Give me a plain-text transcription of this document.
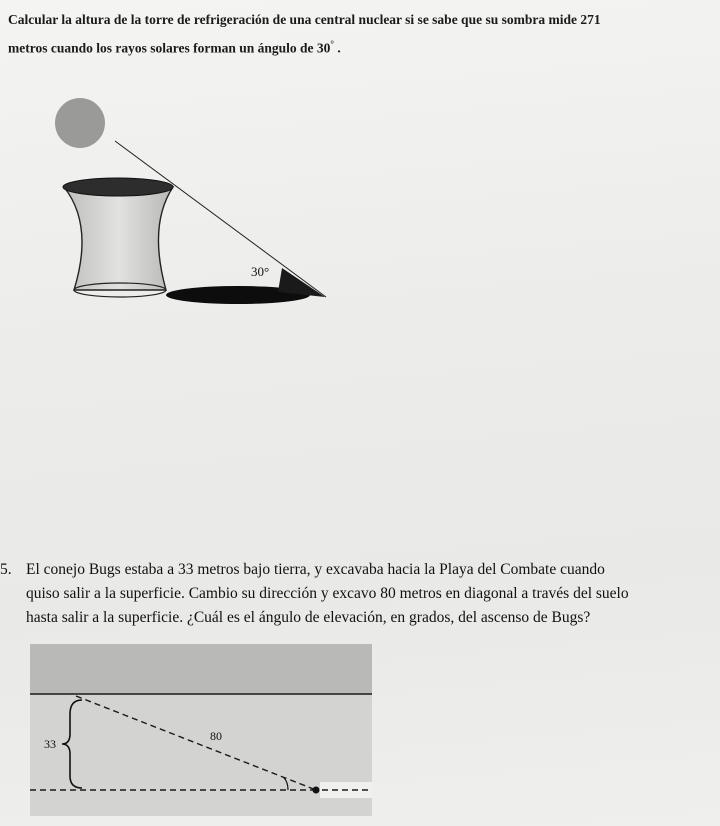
Calcular la altura de la torre de refrigeración de una central nuclear si se sabe que su sombra mide 271
metros cuando los rayos solares forman un ángulo de 30° .
30°
5. El conejo Bugs estaba a 33 metros bajo tierra, y excavaba hacia la Playa del Combate cuando
quiso salir a la superficie. Cambio su dirección y excavo 80 metros en diagonal a través del suelo
hasta salir a la superficie. ¿Cuál es el ángulo de elevación, en grados, del ascenso de Bugs?
33
80
